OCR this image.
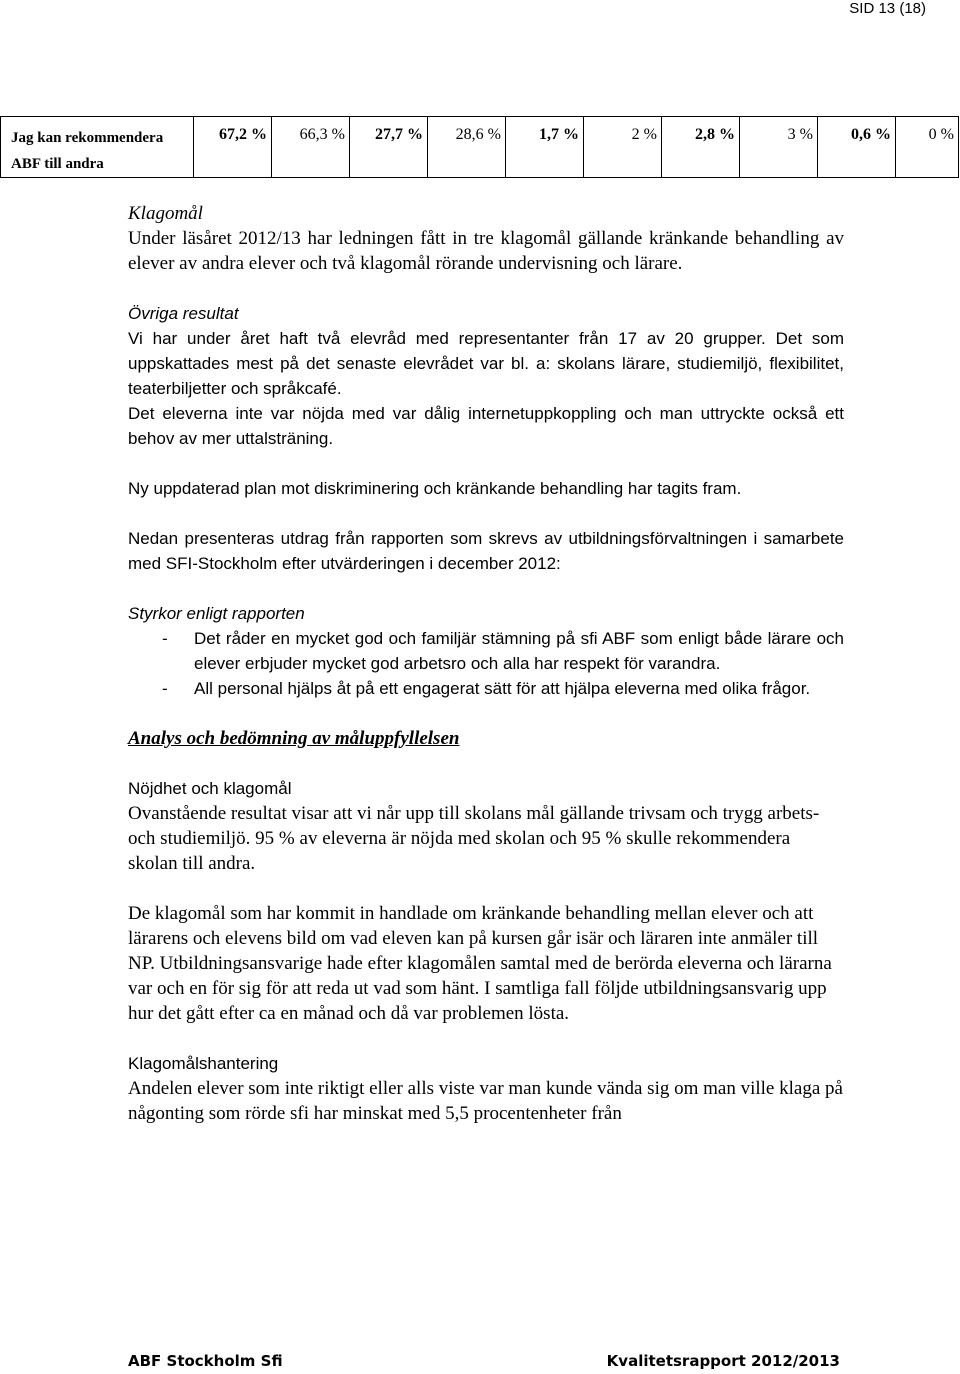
SID 13 (18)
Jag kan rekommendera
ABF till andra	67,2 %	66,3 %	27,7 %	28,6 %	1,7 %	2 %	2,8 %	3 %	0,6 %	0 %

Klagomål

Under läsåret 2012/13 har ledningen fått in tre klagomål gällande kränkande behandling av elever av andra elever och två klagomål rörande undervisning och lärare.

Övriga resultat

Vi har under året haft två elevråd med representanter från 17 av 20 grupper. Det som uppskattades mest på det senaste elevrådet var bl. a: skolans lärare, studiemiljö, flexibilitet, teaterbiljetter och språkcafé.

Det eleverna inte var nöjda med var dålig internetuppkoppling och man uttryckte också ett behov av mer uttalsträning.

Ny uppdaterad plan mot diskriminering och kränkande behandling har tagits fram.

Nedan presenteras utdrag från rapporten som skrevs av utbildningsförvaltningen i samarbete med SFI-Stockholm efter utvärderingen i december 2012:

Styrkor enligt rapporten

- Det råder en mycket god och familjär stämning på sfi ABF som enligt både lärare och elever erbjuder mycket god arbetsro och alla har respekt för varandra.
- All personal hjälps åt på ett engagerat sätt för att hjälpa eleverna med olika frågor.

Analys och bedömning av måluppfyllelsen

Nöjdhet och klagomål

Ovanstående resultat visar att vi når upp till skolans mål gällande trivsam och trygg arbets- och studiemiljö. 95 % av eleverna är nöjda med skolan och 95 % skulle rekommendera skolan till andra.

De klagomål som har kommit in handlade om kränkande behandling mellan elever och att lärarens och elevens bild om vad eleven kan på kursen går isär och läraren inte anmäler till NP. Utbildningsansvarige hade efter klagomålen samtal med de berörda eleverna och lärarna var och en för sig för att reda ut vad som hänt. I samtliga fall följde utbildningsansvarig upp hur det gått efter ca en månad och då var problemen lösta.

Klagomålshantering

Andelen elever som inte riktigt eller alls viste var man kunde vända sig om man ville klaga på någonting som rörde sfi har minskat med 5,5 procentenheter från

ABF Stockholm Sfi	Kvalitetsrapport 2012/2013
